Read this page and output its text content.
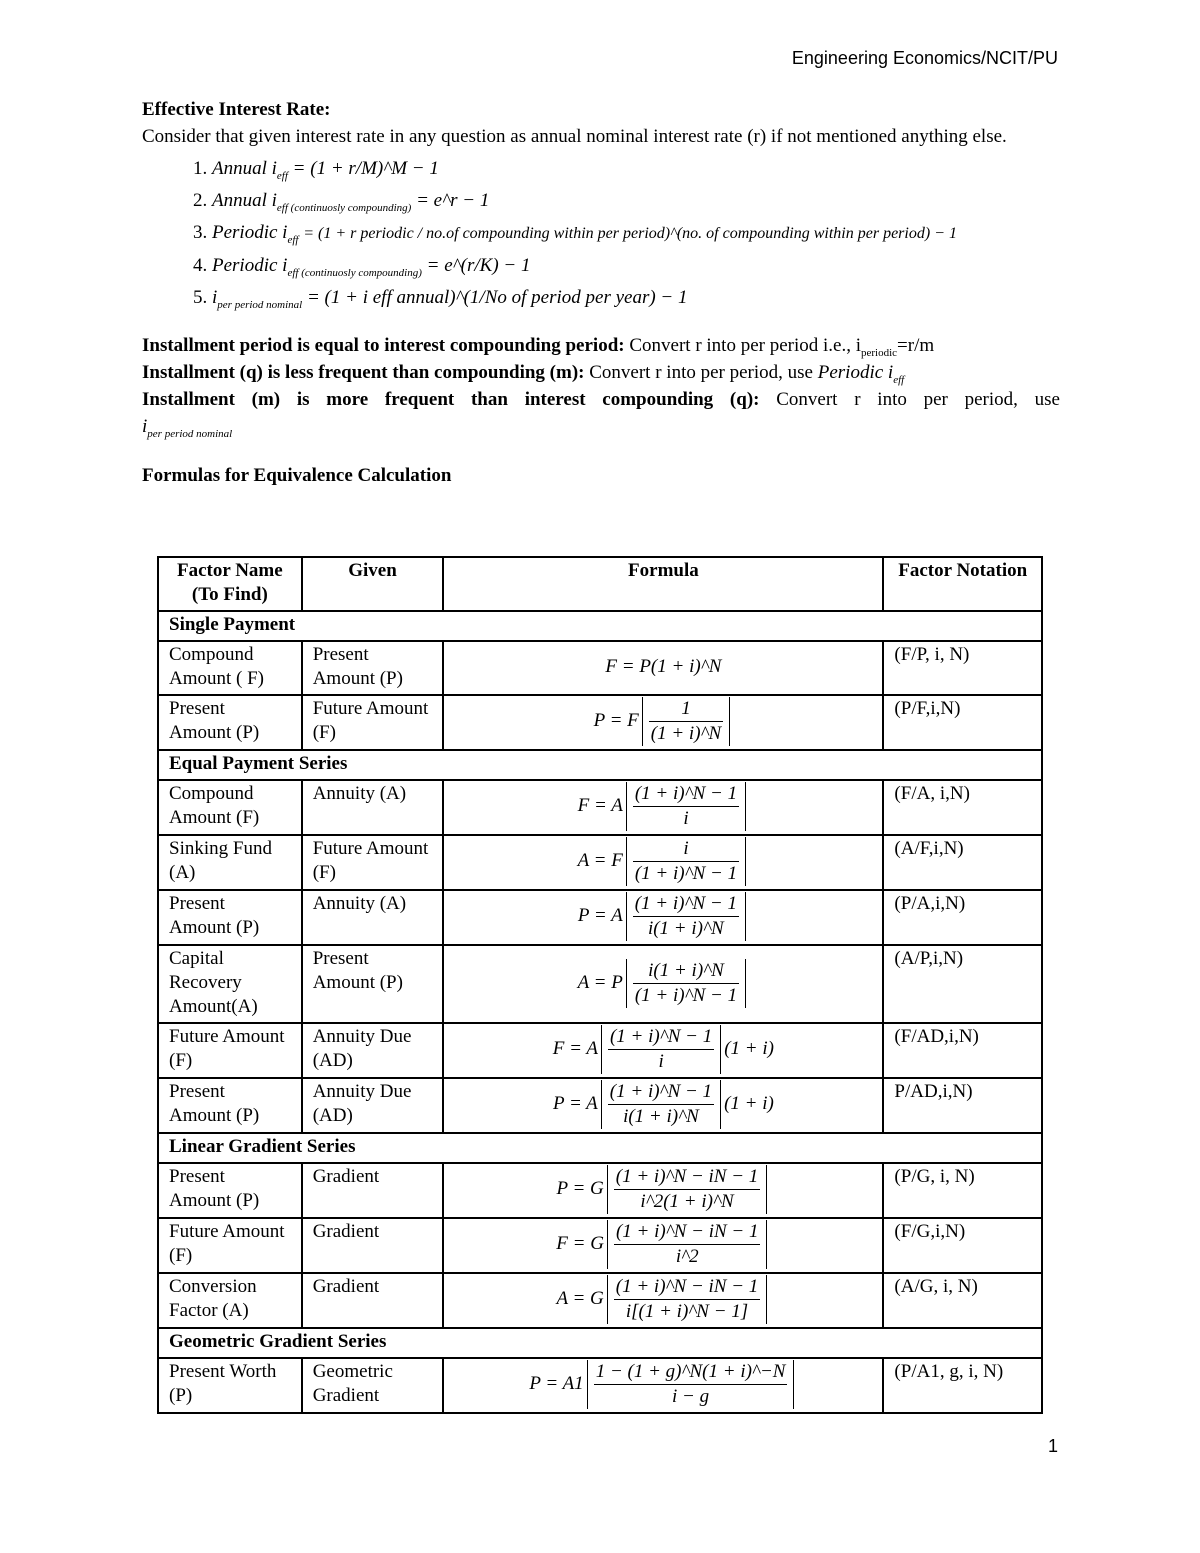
Engineering Economics/NCIT/PU
Effective Interest Rate:
Consider that given interest rate in any question as annual nominal interest rate (r) if not mentioned anything else.
1. Annual $i_{eff} = (1$ + r/M)^M − 1
2. Annual $i_{eff (continuosly compounding)}$ = e^r − 1
3. Periodic $i_{eff} = (1 + r$ periodic / no.of compounding within per period)^(no. of compounding within per period) − 1
4. Periodic $i_{eff (continuosly compounding)}$ = e^(r/K) − 1
5. $i_{per period nominal} = (1 + i$ eff annual)^(1/No of period per year) − 1
Installment period is equal to interest compounding period: Convert r into per period i.e., $i_{periodic}=r/m$
Installment (q) is less frequent than compounding (m): Convert r into per period, use Periodic $i_{eff}$
Installment (m) is more frequent than interest compounding (q): Convert r into per period, use
$i_{per period nominal}$
Formulas for Equivalence Calculation
Factor Name (To Find)	Given	Formula	Factor Notation
Single Payment			
Compound Amount ( F)	Present Amount (P)	F = P(1 + i)^N	(F/P, i, N)
Present Amount (P)	Future Amount (F)	P = F $\frac{1}{(1 + i)\^{}N}$	(P/F,i,N)
Equal Payment Series			
Compound Amount (F)	Annuity (A)	F = A $\frac{(1 + i)\^{}N - 1}{i}$	(F/A, i,N)
Sinking Fund (A)	Future Amount (F)	A = F $\frac{i}{(1 + i)\^{}N - 1}$	(A/F,i,N)
Present Amount (P)	Annuity (A)	P = A $\frac{(1 + i)\^{}N - 1}{i(1 + i)\^{}N}$	(P/A,i,N)
Capital Recovery Amount(A)	Present Amount (P)	A = P $\frac{i(1 + i)\^{}N}{(1 + i)\^{}N - 1}$	(A/P,i,N)
Future Amount (F)	Annuity Due (AD)	F = A $\frac{(1 + i)\^{}N - 1}{i} (1 + i)$	(F/AD,i,N)
Present Amount (P)	Annuity Due (AD)	P = A $\frac{(1 + i)\^{}N - 1}{i(1 + i)\^{}N} (1 + i)$	P/AD,i,N)
Linear Gradient Series			
Present Amount (P)	Gradient	P = G $\frac{(1 + i)\^{}N - iN - 1}{i\^{}2(1 + i)\^{}N}$	(P/G, i, N)
Future Amount (F)	Gradient	F = G $\frac{(1 + i)\^{}N - iN - 1}{i\^{}2}$	(F/G,i,N)
Conversion Factor (A)	Gradient	A = G $\frac{(1 + i)\^{}N - iN - 1}{i[(1 + i)\^{}N - 1]}$	(A/G, i, N)
Geometric Gradient Series			
Present Worth (P)	Geometric Gradient	$P = A1 \frac{1 - (1 + g)\^{}N(1 + i)\^{}-N}{i - g}$	(P/A1, g, i, N)
1
